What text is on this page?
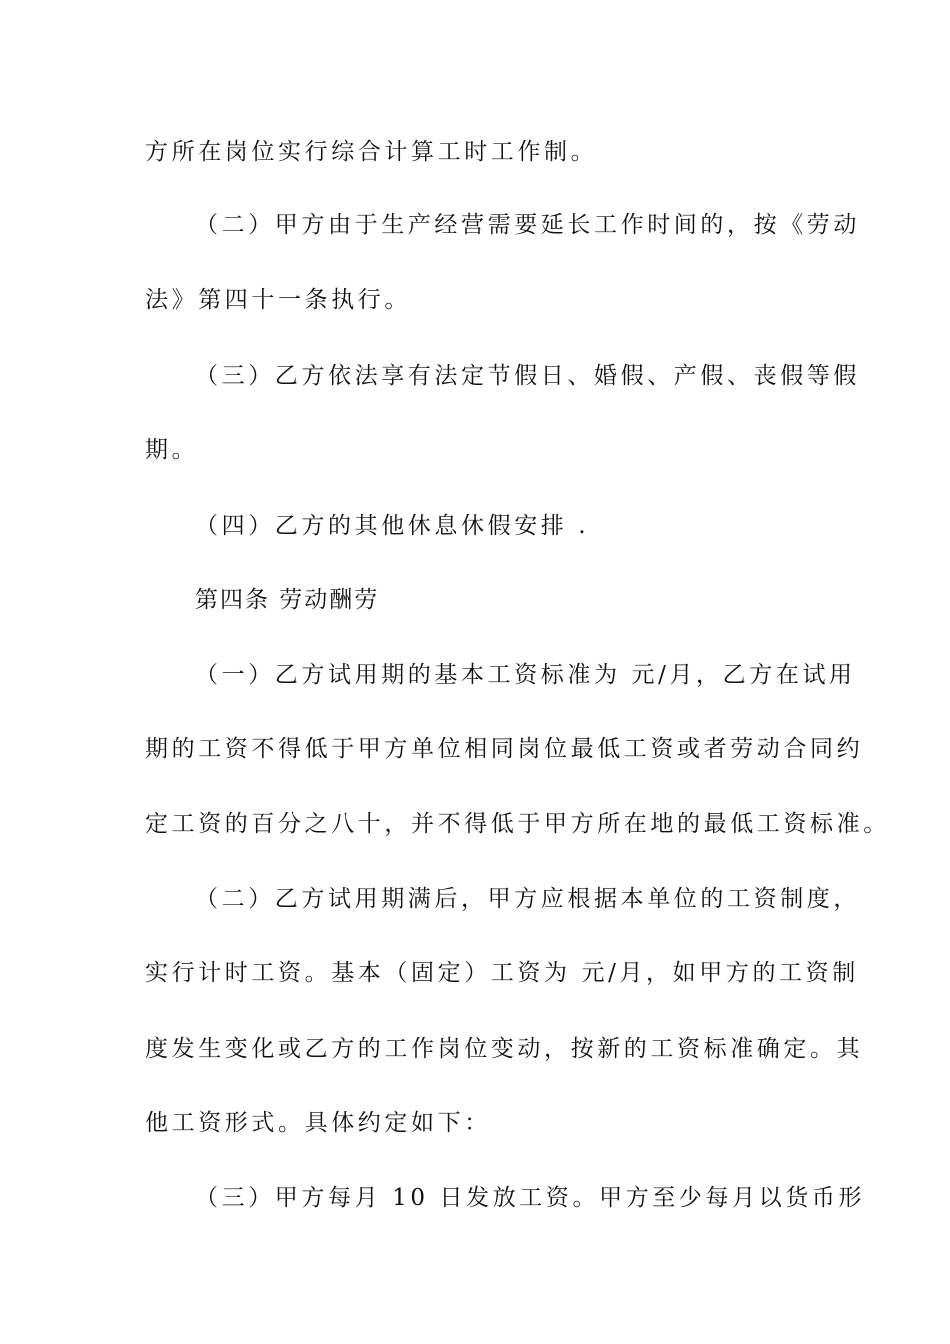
方所在岗位实行综合计算工时工作制。
（二）甲方由于生产经营需要延长工作时间的，按《劳动
法》第四十一条执行。
（三）乙方依法享有法定节假日、婚假、产假、丧假等假
期。
（四）乙方的其他休息休假安排 .
第四条 劳动酬劳
（一）乙方试用期的基本工资标准为 元/月，乙方在试用
期的工资不得低于甲方单位相同岗位最低工资或者劳动合同约
定工资的百分之八十，并不得低于甲方所在地的最低工资标准。
（二）乙方试用期满后，甲方应根据本单位的工资制度，
实行计时工资。基本（固定）工资为 元/月，如甲方的工资制
度发生变化或乙方的工作岗位变动，按新的工资标准确定。其
他工资形式。具体约定如下：
（三）甲方每月 10 日发放工资。甲方至少每月以货币形
